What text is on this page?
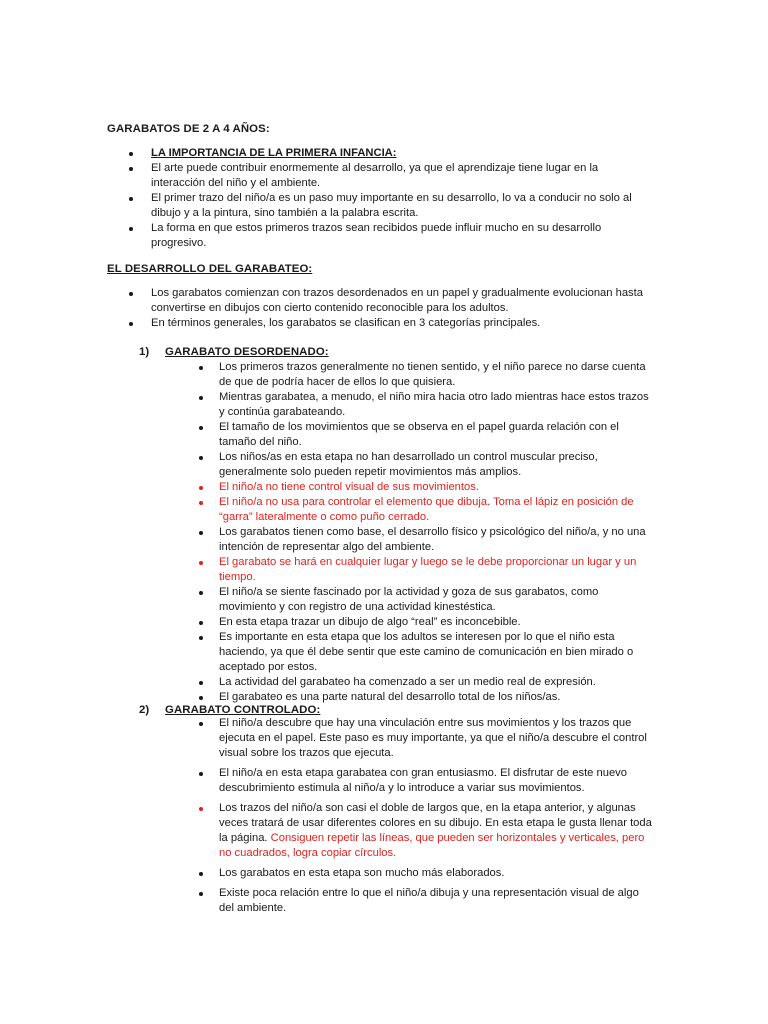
GARABATOS DE 2 A 4 AÑOS:
LA IMPORTANCIA DE LA PRIMERA INFANCIA:
El arte puede contribuir enormemente al desarrollo, ya que el aprendizaje tiene lugar en la
interacción del niño y el ambiente.
El primer trazo del niño/a es un paso muy importante en su desarrollo, lo va a conducir no solo al
dibujo y a la pintura, sino también a la palabra escrita.
La forma en que estos primeros trazos sean recibidos puede influir mucho en su desarrollo
progresivo.
EL DESARROLLO DEL GARABATEO:
Los garabatos comienzan con trazos desordenados en un papel y gradualmente evolucionan hasta
convertirse en dibujos con cierto contenido reconocible para los adultos.
En términos generales, los garabatos se clasifican en 3 categorías principales.
1) GARABATO DESORDENADO:
Los primeros trazos generalmente no tienen sentido, y el niño parece no darse cuenta
de que de podría hacer de ellos lo que quisiera.
Mientras garabatea, a menudo, el niño mira hacia otro lado mientras hace estos trazos
y continúa garabateando.
El tamaño de los movimientos que se observa en el papel guarda relación con el
tamaño del niño.
Los niños/as en esta etapa no han desarrollado un control muscular preciso,
generalmente solo pueden repetir movimientos más amplios.
El niño/a no tiene control visual de sus movimientos.
El niño/a no usa para controlar el elemento que dibuja. Toma el lápiz en posición de
“garra” lateralmente o como puño cerrado.
Los garabatos tienen como base, el desarrollo físico y psicológico del niño/a, y no una
intención de representar algo del ambiente.
El garabato se hará en cualquier lugar y luego se le debe proporcionar un lugar y un
tiempo.
El niño/a se siente fascinado por la actividad y goza de sus garabatos, como
movimiento y con registro de una actividad kinestéstica.
En esta etapa trazar un dibujo de algo “real” es inconcebible.
Es importante en esta etapa que los adultos se interesen por lo que el niño esta
haciendo, ya que él debe sentir que este camino de comunicación en bien mirado o
aceptado por estos.
La actividad del garabateo ha comenzado a ser un medio real de expresión.
El garabateo es una parte natural del desarrollo total de los niños/as.
2) GARABATO CONTROLADO:
El niño/a descubre que hay una vinculación entre sus movimientos y los trazos que
ejecuta en el papel. Este paso es muy importante, ya que el niño/a descubre el control
visual sobre los trazos que ejecuta.
El niño/a en esta etapa garabatea con gran entusiasmo. El disfrutar de este nuevo
descubrimiento estimula al niño/a y lo introduce a variar sus movimientos.
Los trazos del niño/a son casi el doble de largos que, en la etapa anterior, y algunas
veces tratará de usar diferentes colores en su dibujo. En esta etapa le gusta llenar toda
la página. Consiguen repetir las líneas, que pueden ser horizontales y verticales, pero
no cuadrados, logra copiar círculos.
Los garabatos en esta etapa son mucho más elaborados.
Existe poca relación entre lo que el niño/a dibuja y una representación visual de algo
del ambiente.
